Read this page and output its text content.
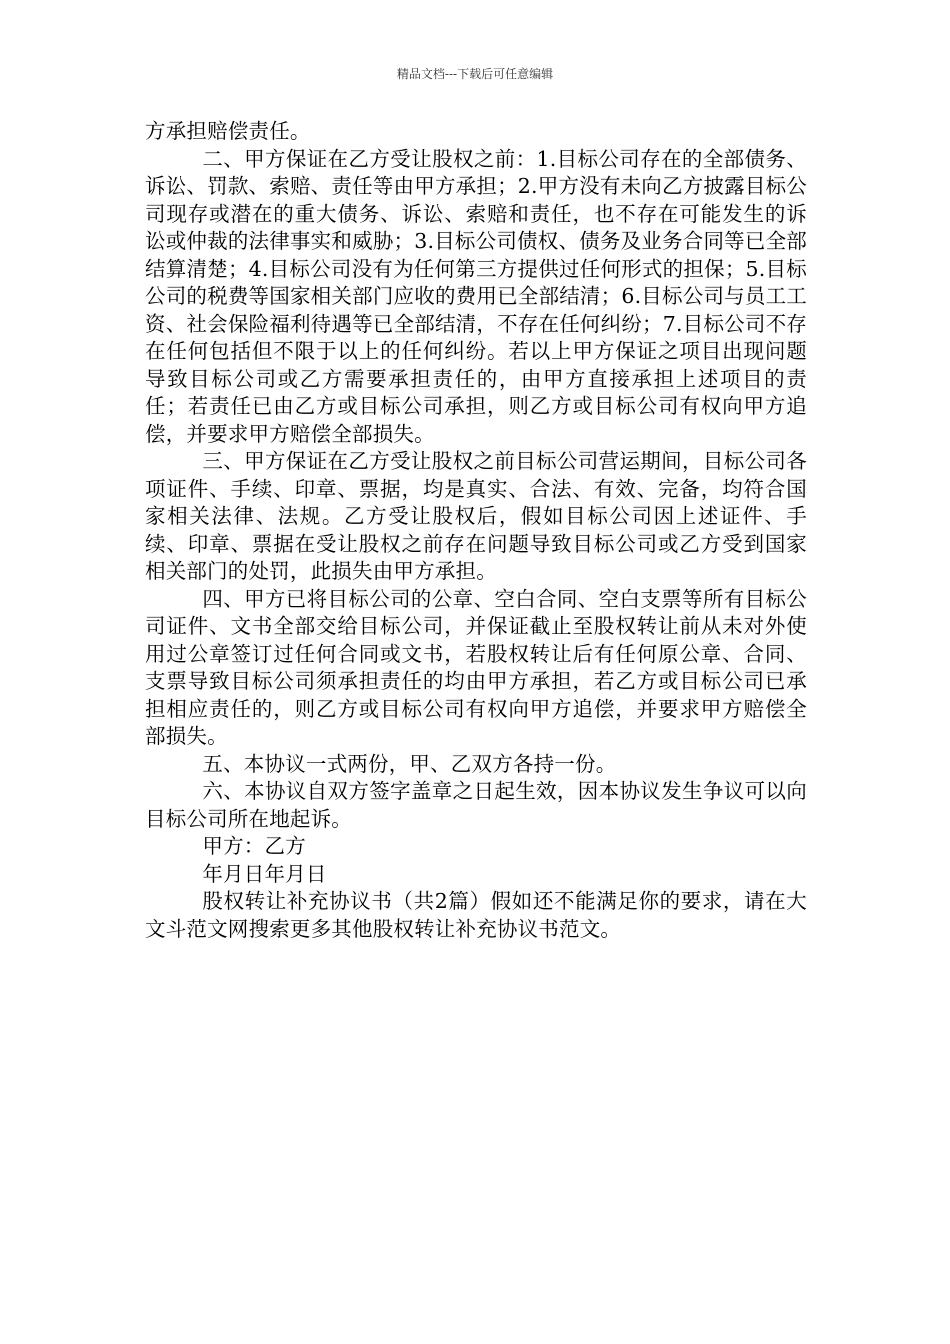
精品文档---下载后可任意编辑

方承担赔偿责任。

二、甲方保证在乙方受让股权之前：1.目标公司存在的全部债务、诉讼、罚款、索赔、责任等由甲方承担；2.甲方没有未向乙方披露目标公司现存或潜在的重大债务、诉讼、索赔和责任，也不存在可能发生的诉讼或仲裁的法律事实和威胁；3.目标公司债权、债务及业务合同等已全部结算清楚；4.目标公司没有为任何第三方提供过任何形式的担保；5.目标公司的税费等国家相关部门应收的费用已全部结清；6.目标公司与员工工资、社会保险福利待遇等已全部结清，不存在任何纠纷；7.目标公司不存在任何包括但不限于以上的任何纠纷。若以上甲方保证之项目出现问题导致目标公司或乙方需要承担责任的，由甲方直接承担上述项目的责任；若责任已由乙方或目标公司承担，则乙方或目标公司有权向甲方追偿，并要求甲方赔偿全部损失。

三、甲方保证在乙方受让股权之前目标公司营运期间，目标公司各项证件、手续、印章、票据，均是真实、合法、有效、完备，均符合国家相关法律、法规。乙方受让股权后，假如目标公司因上述证件、手续、印章、票据在受让股权之前存在问题导致目标公司或乙方受到国家相关部门的处罚，此损失由甲方承担。

四、甲方已将目标公司的公章、空白合同、空白支票等所有目标公司证件、文书全部交给目标公司，并保证截止至股权转让前从未对外使用过公章签订过任何合同或文书，若股权转让后有任何原公章、合同、支票导致目标公司须承担责任的均由甲方承担，若乙方或目标公司已承担相应责任的，则乙方或目标公司有权向甲方追偿，并要求甲方赔偿全部损失。

五、本协议一式两份，甲、乙双方各持一份。

六、本协议自双方签字盖章之日起生效，因本协议发生争议可以向目标公司所在地起诉。

甲方：乙方

年月日年月日

股权转让补充协议书（共2篇）假如还不能满足你的要求，请在大文斗范文网搜索更多其他股权转让补充协议书范文。
